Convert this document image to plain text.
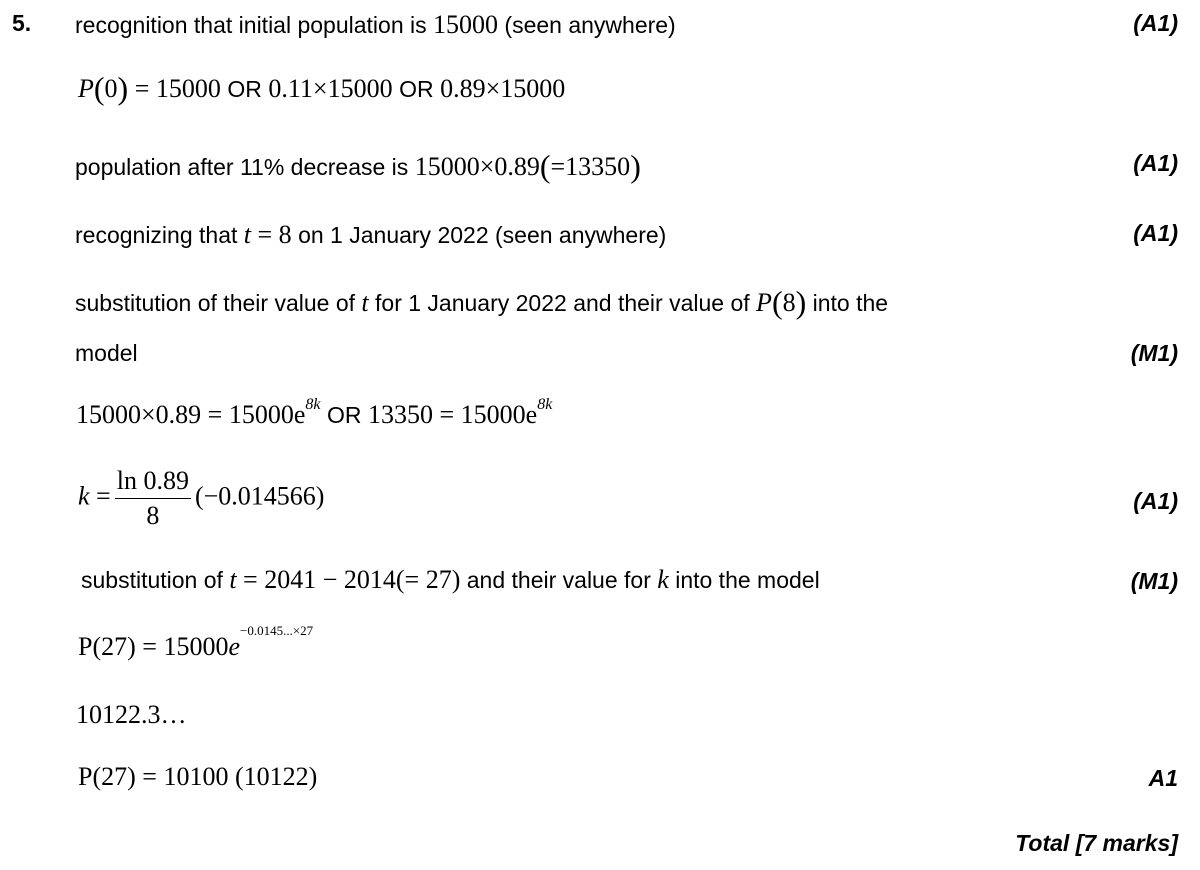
5. recognition that initial population is 15000 (seen anywhere)	(A1)
P(0) = 15000 OR 0.11×15000 OR 0.89×15000
population after 11% decrease is 15000×0.89(=13350)	(A1)
recognizing that t = 8 on 1 January 2022 (seen anywhere)	(A1)
substitution of their value of t for 1 January 2022 and their value of P(8) into the
model	(M1)
$15000\times 0.89 = 15000e^{8k}$ OR $13350 = 15000e^{8k}$
$k = \frac{\ln 0.89}{8} (-0.014566)$	(A1)
substitution of t = 2041 − 2014(= 27) and their value for k into the model	(M1)
$P(27) = 15000e^{-0.0145...\times 27}$
10122.3…
P(27) = 10100 (10122)	A1
Total [7 marks]
